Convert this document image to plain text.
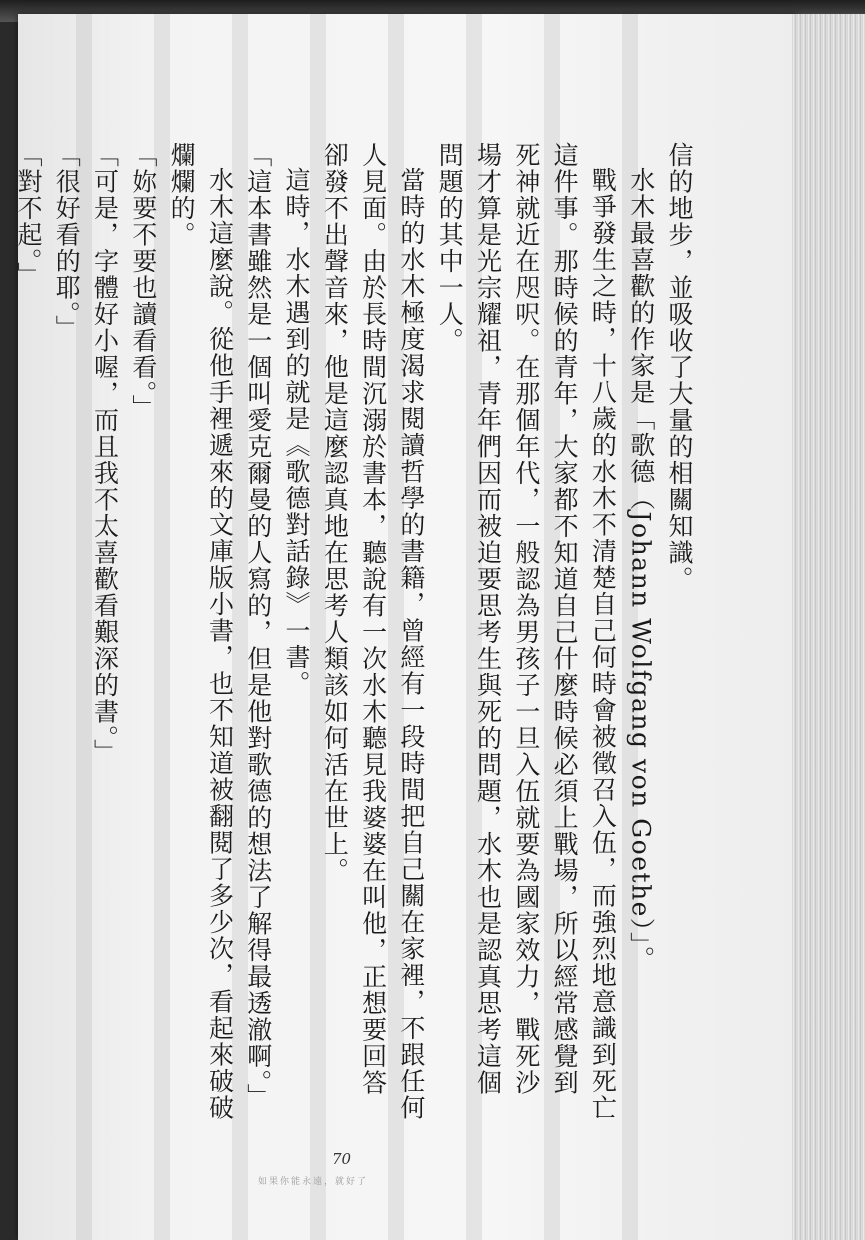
信的地步，並吸收了大量的相關知識。

水木最喜歡的作家是「歌德（Johann Wolfgang von Goethe）」。

戰爭發生之時，十八歲的水木不清楚自己何時會被徵召入伍，而強烈地意識到死亡這件事。那時候的青年，大家都不知道自己什麼時候必須上戰場，所以經常感覺到死神就近在咫呎。在那個年代，一般認為男孩子一旦入伍就要為國家效力，戰死沙場才算是光宗耀祖，青年們因而被迫要思考生與死的問題，水木也是認真思考這個問題的其中一人。

當時的水木極度渴求閱讀哲學的書籍，曾經有一段時間把自己關在家裡，不跟任何人見面。由於長時間沉溺於書本，聽說有一次水木聽見我婆婆在叫他，正想要回答卻發不出聲音來，他是這麼認真地在思考人類該如何活在世上。

這時，水木遇到的就是《歌德對話錄》一書。

「這本書雖然是一個叫愛克爾曼的人寫的，但是他對歌德的想法了解得最透澈啊。」

水木這麼說。從他手裡遞來的文庫版小書，也不知道被翻閱了多少次，看起來破破爛爛的。

「妳要不要也讀看看。」

「可是，字體好小喔，而且我不太喜歡看艱深的書。」

「很好看的耶。」

「對不起。」

70
如果你能永遠，就好了
